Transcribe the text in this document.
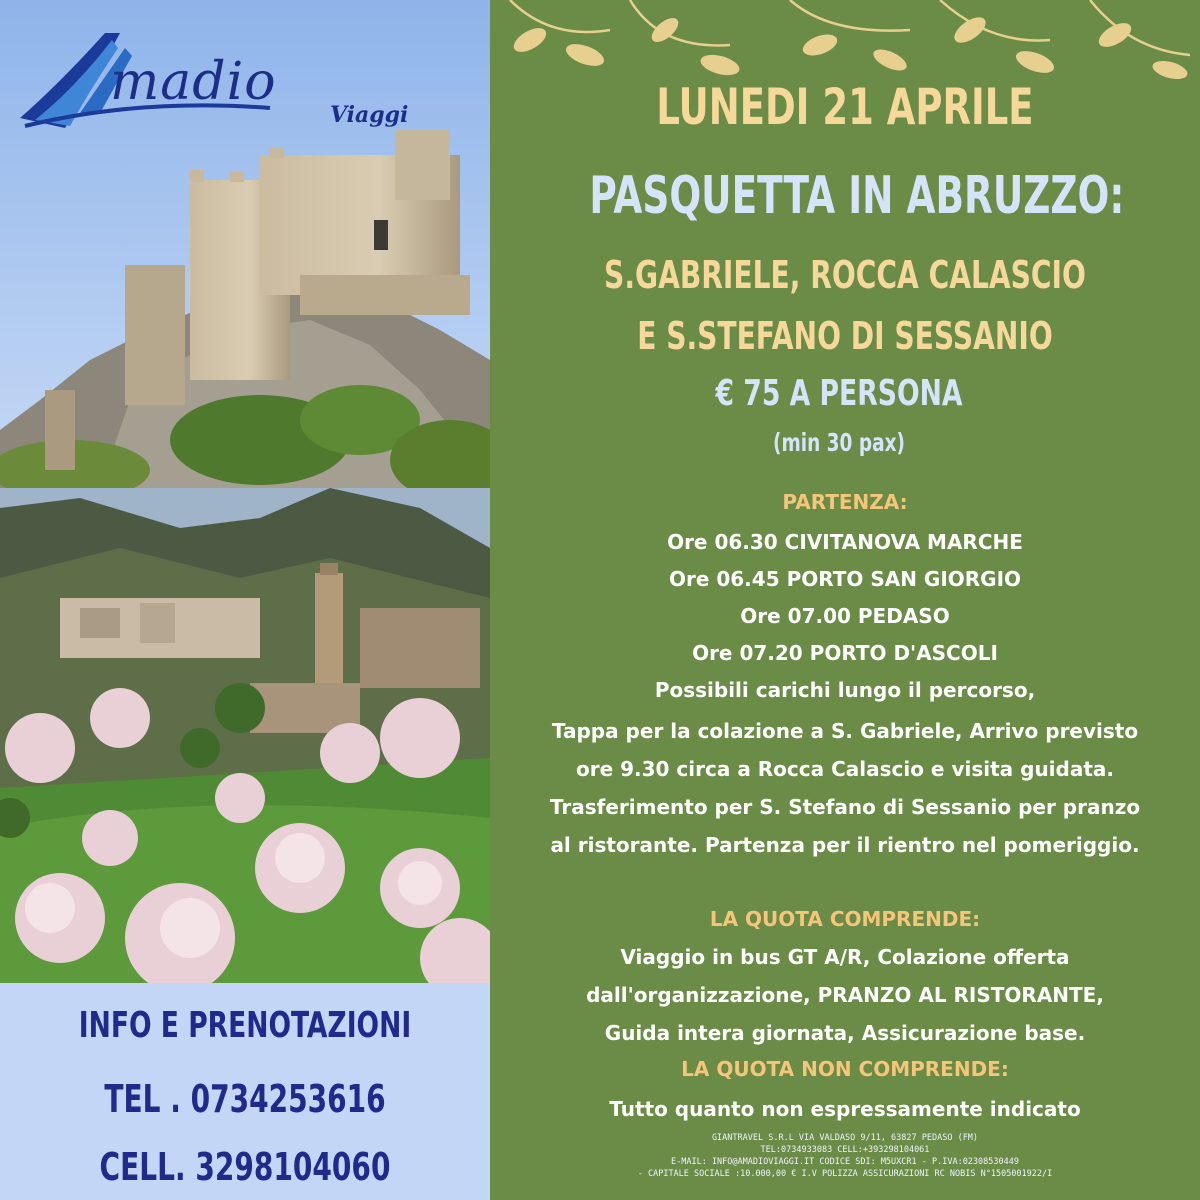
madio
Viaggi
INFO E PRENOTAZIONI
TEL . 0734253616
CELL. 3298104060
LUNEDI 21 APRILE
PASQUETTA IN ABRUZZO:
S.GABRIELE, ROCCA CALASCIO
E S.STEFANO DI SESSANIO
€ 75 A PERSONA
(min 30 pax)
PARTENZA:
Ore 06.30 CIVITANOVA MARCHE
Ore 06.45 PORTO SAN GIORGIO
Ore 07.00 PEDASO
Ore 07.20 PORTO D'ASCOLI
Possibili carichi lungo il percorso,
Tappa per la colazione a S. Gabriele, Arrivo previsto
ore 9.30 circa a Rocca Calascio e visita guidata.
Trasferimento per S. Stefano di Sessanio per pranzo
al ristorante. Partenza per il rientro nel pomeriggio.
LA QUOTA COMPRENDE:
Viaggio in bus GT A/R, Colazione offerta
dall'organizzazione, PRANZO AL RISTORANTE,
Guida intera giornata, Assicurazione base.
LA QUOTA NON COMPRENDE:
Tutto quanto non espressamente indicato
GIANTRAVEL S.R.L VIA VALDASO 9/11, 63827 PEDASO (FM)
TEL:0734933083 CELL:+393298104061
E-MAIL: INFO@AMADIOVIAGGI.IT CODICE SDI: M5UXCR1 - P.IVA:02308530449
- CAPITALE SOCIALE :10.000,00 € I.V POLIZZA ASSICURAZIONI RC NOBIS N°1505001922/I
